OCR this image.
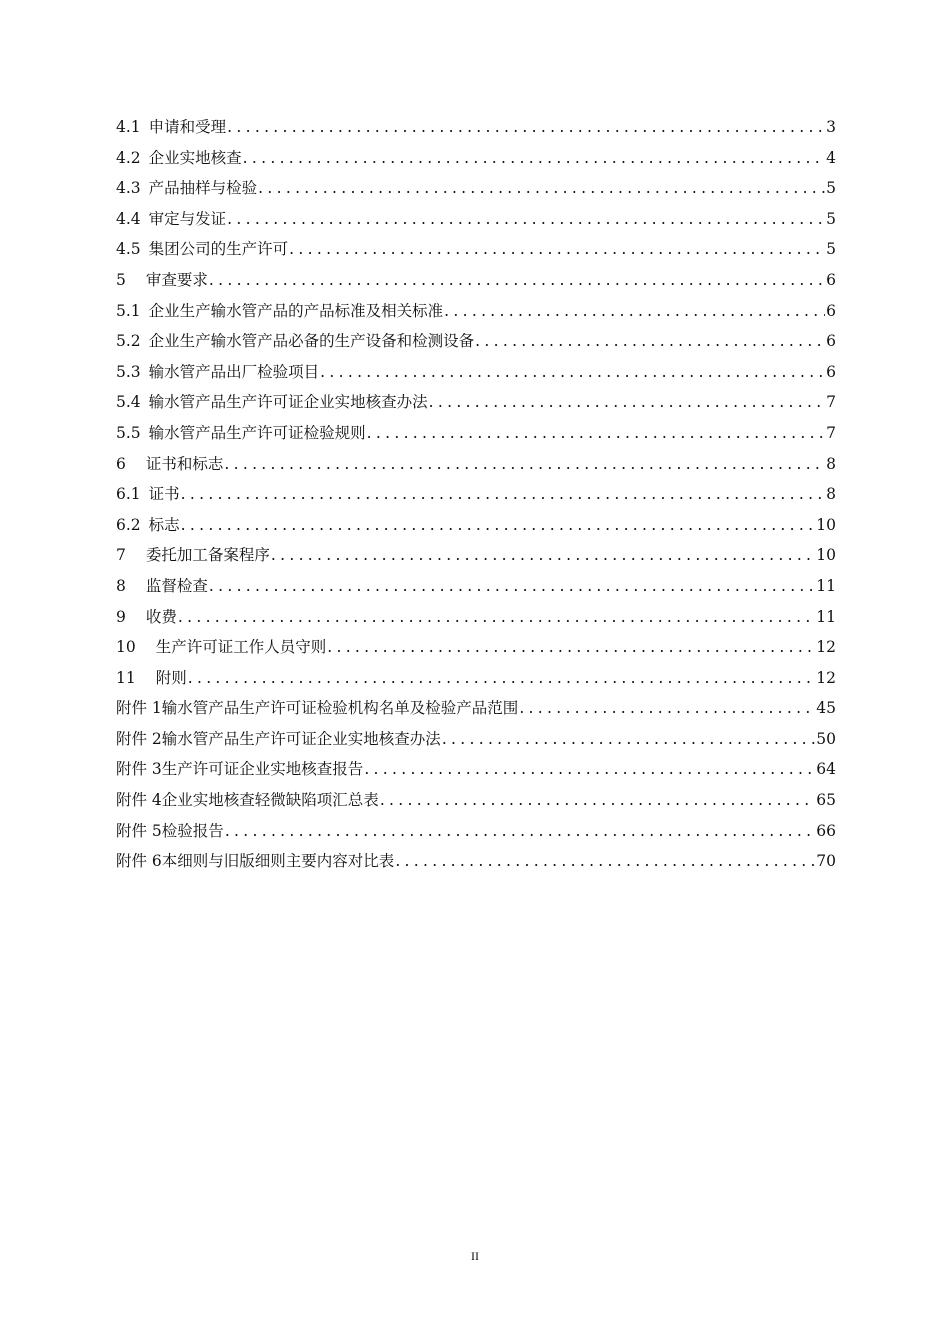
4.1 申请和受理 .....	3
4.2 企业实地核查 .....	4
4.3 产品抽样与检验 .....	5
4.4 审定与发证 .....	5
4.5 集团公司的生产许可 .....	5
5 审查要求 .....	6
5.1 企业生产输水管产品的产品标准及相关标准 .....	6
5.2 企业生产输水管产品必备的生产设备和检测设备 .....	6
5.3 输水管产品出厂检验项目 .....	6
5.4 输水管产品生产许可证企业实地核查办法 .....	7
5.5 输水管产品生产许可证检验规则 .....	7
6 证书和标志 .....	8
6.1 证书 .....	8
6.2 标志 .....	10
7 委托加工备案程序 .....	10
8 监督检查 .....	11
9 收费 .....	11
10 生产许可证工作人员守则 .....	12
11 附则 .....	12
附件 1 输水管产品生产许可证检验机构名单及检验产品范围 .....	45
附件 2 输水管产品生产许可证企业实地核查办法 .....	50
附件 3 生产许可证企业实地核查报告 .....	64
附件 4 企业实地核查轻微缺陷项汇总表 .....	65
附件 5 检验报告 .....	66
附件 6 本细则与旧版细则主要内容对比表 .....	70
II
